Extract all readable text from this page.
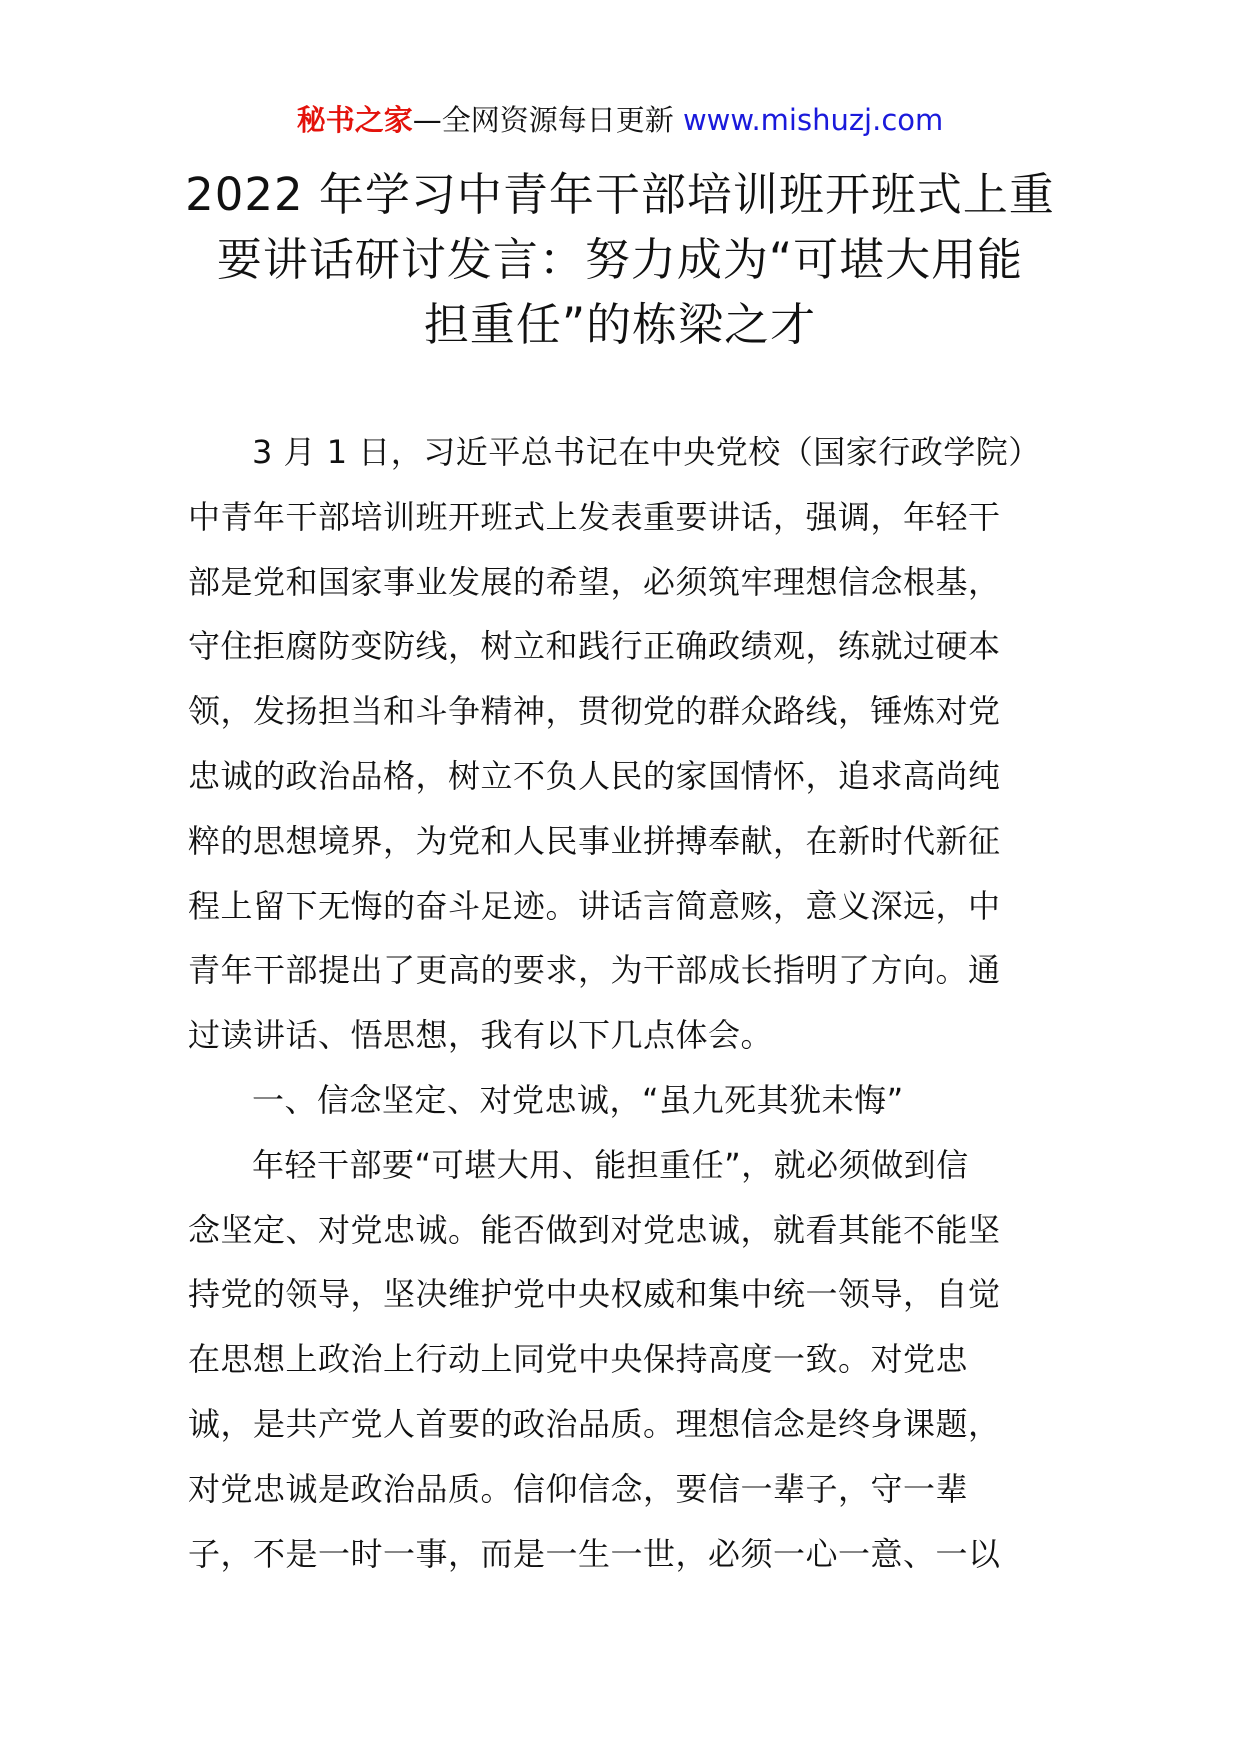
秘书之家—全网资源每日更新 www.mishuzj.com
2022 年学习中青年干部培训班开班式上重
要讲话研讨发言：努力成为“可堪大用能
担重任”的栋梁之才
3 月 1 日，习近平总书记在中央党校（国家行政学院）
中青年干部培训班开班式上发表重要讲话，强调，年轻干
部是党和国家事业发展的希望，必须筑牢理想信念根基，
守住拒腐防变防线，树立和践行正确政绩观，练就过硬本
领，发扬担当和斗争精神，贯彻党的群众路线，锤炼对党
忠诚的政治品格，树立不负人民的家国情怀，追求高尚纯
粹的思想境界，为党和人民事业拼搏奉献，在新时代新征
程上留下无悔的奋斗足迹。讲话言简意赅，意义深远，中
青年干部提出了更高的要求，为干部成长指明了方向。通
过读讲话、悟思想，我有以下几点体会。
一、信念坚定、对党忠诚，“虽九死其犹未悔”
年轻干部要“可堪大用、能担重任”，就必须做到信
念坚定、对党忠诚。能否做到对党忠诚，就看其能不能坚
持党的领导，坚决维护党中央权威和集中统一领导，自觉
在思想上政治上行动上同党中央保持高度一致。对党忠
诚，是共产党人首要的政治品质。理想信念是终身课题，
对党忠诚是政治品质。信仰信念，要信一辈子，守一辈
子，不是一时一事，而是一生一世，必须一心一意、一以
